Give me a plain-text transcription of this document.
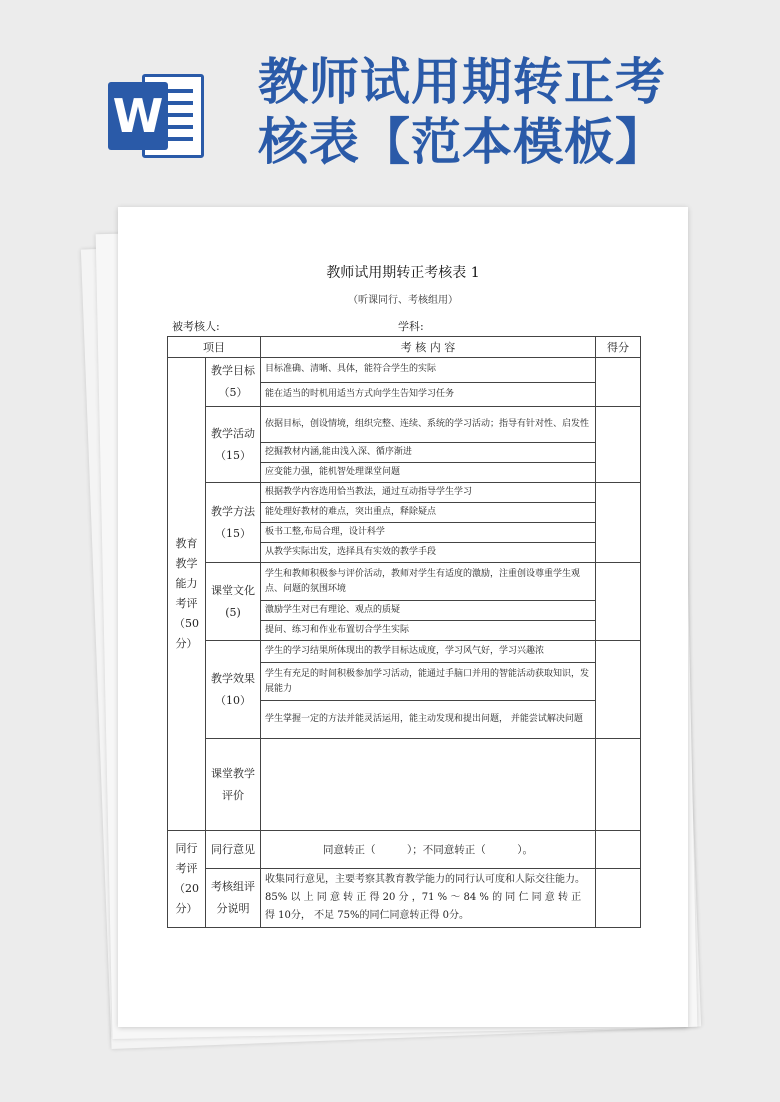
W
教师试用期转正考核表【范本模板】
教师试用期转正考核表 1
（听课同行、考核组用）
被考核人:	学科:
项目		考 核 内 容	得分
教育教学能力考评（50分）	教学目标（5）	目标准确、清晰、具体，能符合学生的实际	
		能在适当的时机用适当方式向学生告知学习任务	
	教学活动（15）	依据目标，创设情境，组织完整、连续、系统的学习活动；指导有针对性、启发性	
		挖掘教材内涵,能由浅入深、循序渐进	
		应变能力强，能机智处理课堂问题	
	教学方法（15）	根据教学内容选用恰当教法，通过互动指导学生学习	
		能处理好教材的难点，突出重点，释除疑点	
		板书工整,布局合理，设计科学	
		从教学实际出发，选择具有实效的教学手段	
	课堂文化(5)	学生和教师积极参与评价活动，教师对学生有适度的激励，注重创设尊重学生观点、问题的氛围环境	
		激励学生对已有理论、观点的质疑	
		提问、练习和作业布置切合学生实际	
	教学效果（10）	学生的学习结果所体现出的教学目标达成度，学习风气好，学习兴趣浓	
		学生有充足的时间积极参加学习活动，能通过手脑口并用的智能活动获取知识，发展能力	
		学生掌握一定的方法并能灵活运用，能主动发现和提出问题， 并能尝试解决问题	
	课堂教学评价		
同行考评（20分）	同行意见	同意转正（　　　）；不同意转正（　　　）。	
	考核组评分说明	收集同行意见，主要考察其教育教学能力的同行认可度和人际交往能力。85% 以 上 同 意 转 正 得 20 分 ，71 % ～ 84 % 的 同 仁 同 意 转 正 得 10分， 不足 75%的同仁同意转正得 0分。	
